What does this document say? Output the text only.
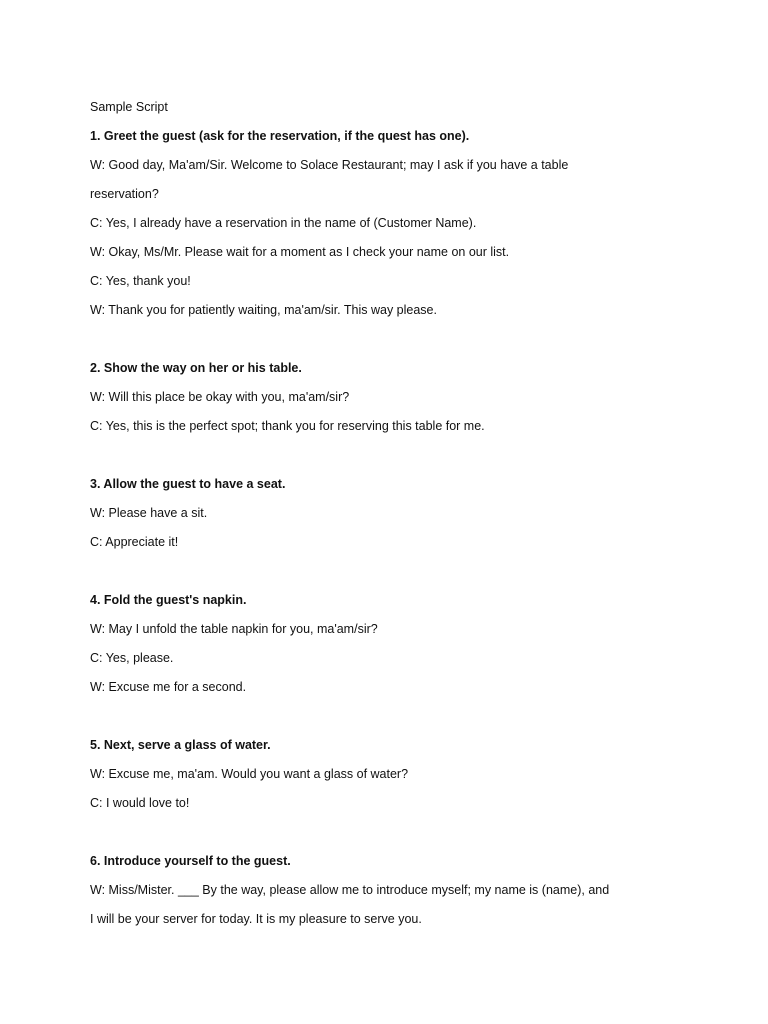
Sample Script
1. Greet the guest (ask for the reservation, if the quest has one).
W: Good day, Ma'am/Sir. Welcome to Solace Restaurant; may I ask if you have a table
reservation?
C: Yes, I already have a reservation in the name of (Customer Name).
W: Okay, Ms/Mr. Please wait for a moment as I check your name on our list.
C: Yes, thank you!
W: Thank you for patiently waiting, ma'am/sir. This way please.
2. Show the way on her or his table.
W: Will this place be okay with you, ma'am/sir?
C: Yes, this is the perfect spot; thank you for reserving this table for me.
3. Allow the guest to have a seat.
W: Please have a sit.
C: Appreciate it!
4. Fold the guest's napkin.
W: May I unfold the table napkin for you, ma'am/sir?
C: Yes, please.
W: Excuse me for a second.
5. Next, serve a glass of water.
W: Excuse me, ma'am. Would you want a glass of water?
C: I would love to!
6. Introduce yourself to the guest.
W: Miss/Mister. ___ By the way, please allow me to introduce myself; my name is (name), and
I will be your server for today. It is my pleasure to serve you.
